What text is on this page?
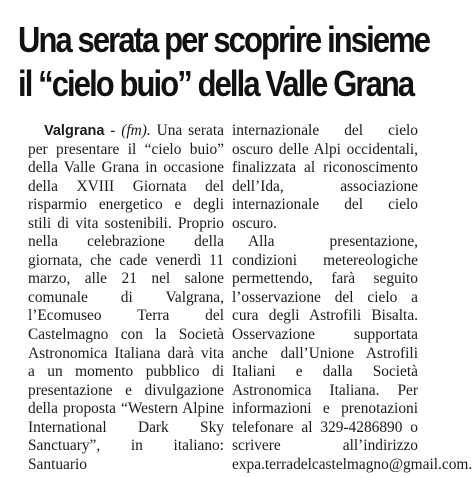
Una serata per scoprire insieme
il “cielo buio” della Valle Grana

Valgrana - (fm). Una serata per presentare il “cielo buio” della Valle Grana in occasione della XVIII Giornata del risparmio energetico e degli stili di vita sostenibili. Proprio nella celebrazione della giornata, che cade venerdì 11 marzo, alle 21 nel salone comunale di Valgrana, l’Ecomuseo Terra del Castelmagno con la Società Astronomica Italiana darà vita a un momento pubblico di presentazione e divulgazione della proposta “Western Alpine International Dark Sky Sanctuary”, in italiano: Santuario

internazionale del cielo oscuro delle Alpi occidentali, finalizzata al riconoscimento dell’Ida, associazione internazionale del cielo oscuro.

Alla presentazione, condizioni metereologiche permettendo, farà seguito l’osservazione del cielo a cura degli Astrofili Bisalta. Osservazione supportata anche dall’Unione Astrofili Italiani e dalla Società Astronomica Italiana. Per informazioni e prenotazioni telefonare al 329-4286890 o scrivere all’indirizzo expa.terradelcastelmagno@gmail.com.
